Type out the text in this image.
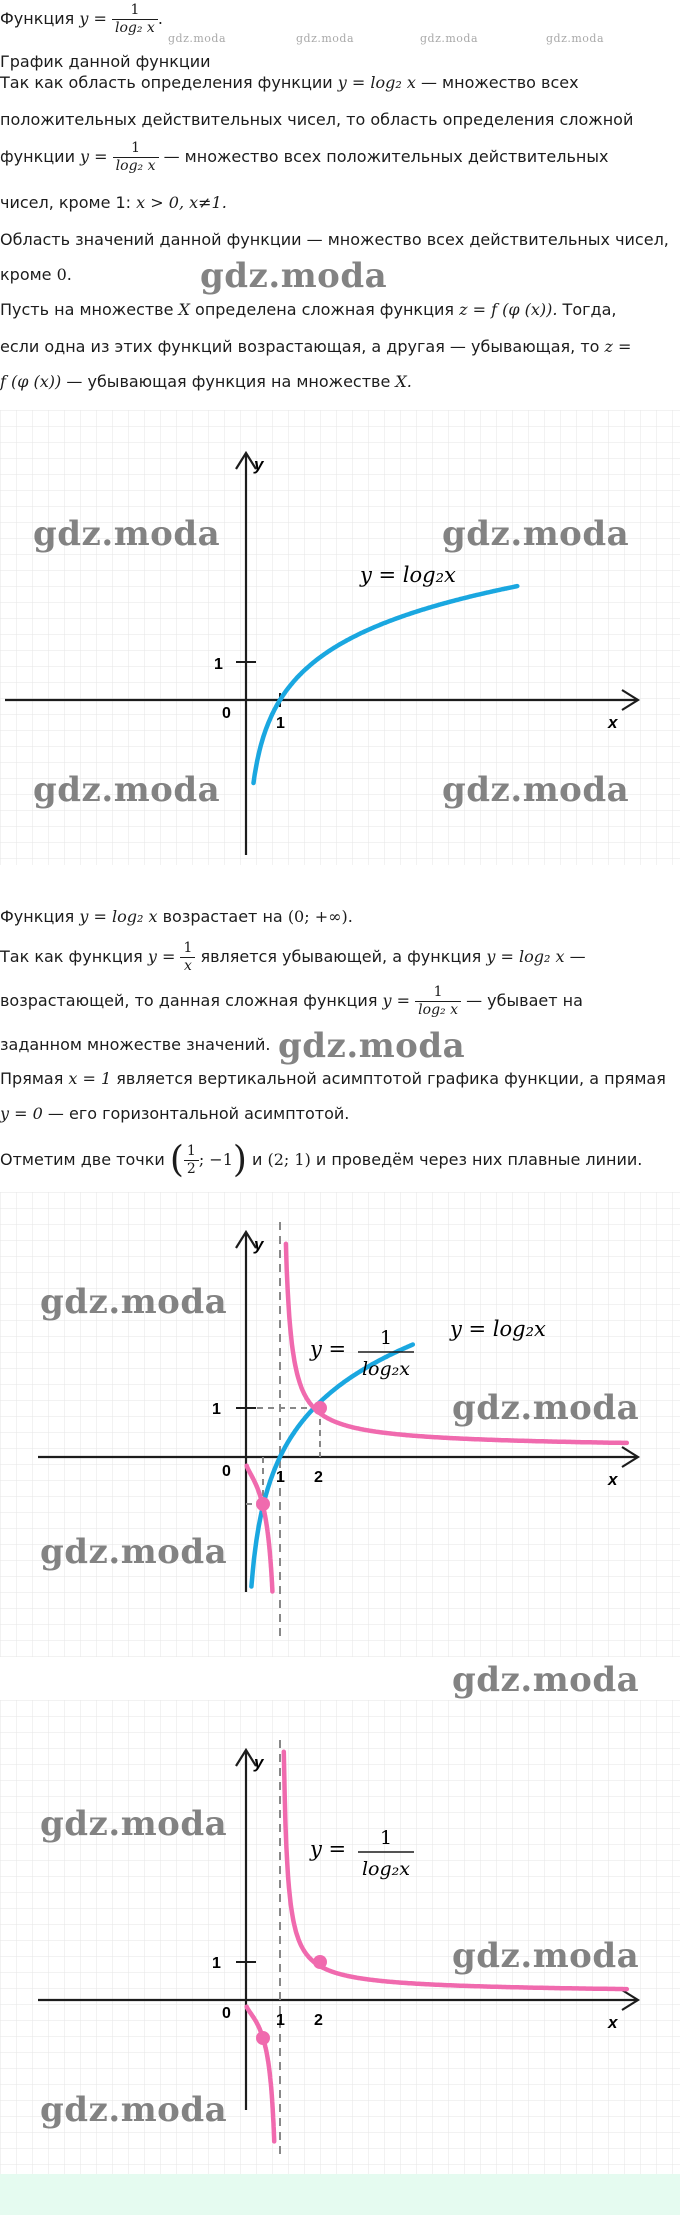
Функция $y = \frac{1}{\text{log₂ x}}$ .
График данной функции
Так как область определения функции y = log₂ x — множество всех
положительных действительных чисел, то область определения сложной
функции $y = \frac{1}{\text{log₂ x}}$ — множество всех положительных действительных
чисел, кроме 1: x > 0, x≠1.
Область значений данной функции — множество всех действительных чисел,
кроме 0.
Пусть на множестве X определена сложная функция z = f (φ (x)). Тогда,
если одна из этих функций возрастающая, а другая — убывающая, то z =
f (φ (x)) — убывающая функция на множестве X.
gdz.moda	gdz.moda	gdz.moda	gdz.moda
gdz.moda
y
x
0
1
1
y = log₂x
gdz.moda	gdz.moda
gdz.moda	gdz.moda
Функция y = log₂ x возрастает на (0; +∞).
Так как функция $y = \frac{1}{x}$ является убывающей, а функция y = log₂ x —
возрастающей, то данная сложная функция $y = \frac{1}{\text{log₂ x}}$ — убывает на
заданном множестве значений.
Прямая x = 1 является вертикальной асимптотой графика функции, а прямая
y = 0 — его горизонтальной асимптотой.
Отметим две точки ( $\frac{1}{2}$ ; −1) и (2; 1) и проведём через них плавные линии.
gdz.moda
y
x
0	1 2
1
y = log₂x
y = 1
log₂x
gdz.moda
gdz.moda
gdz.moda
gdz.moda
y
x
0	1 2
1
y = 1
log₂x
gdz.moda
gdz.moda
gdz.moda
